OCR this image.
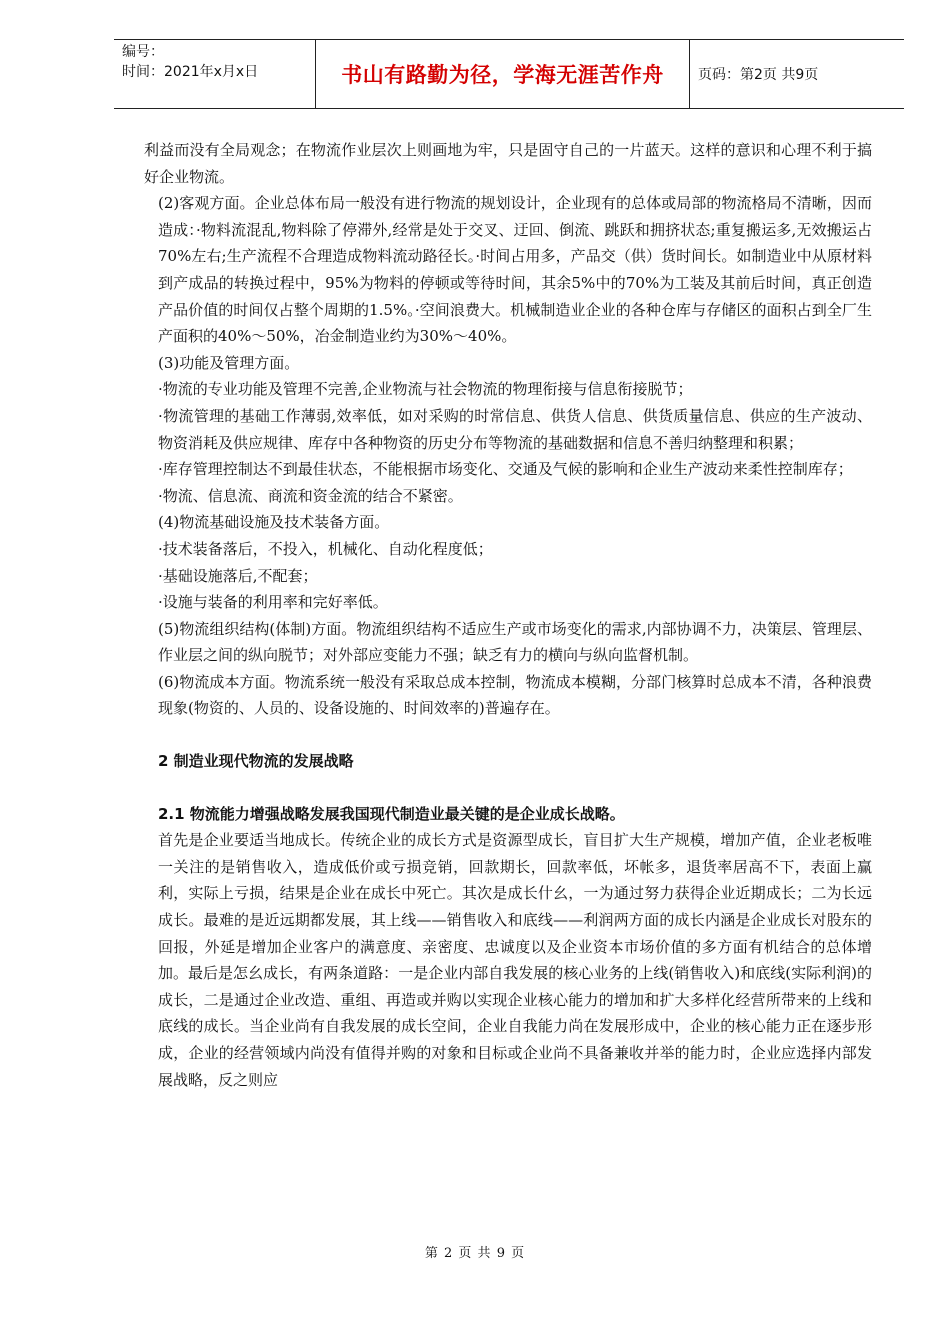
编号：
时间：2021年x月x日	书山有路勤为径，学海无涯苦作舟	页码：第2页 共9页

利益而没有全局观念；在物流作业层次上则画地为牢，只是固守自己的一片蓝天。这样的意识和心理不利于搞好企业物流。

(2)客观方面。企业总体布局一般没有进行物流的规划设计，企业现有的总体或局部的物流格局不清晰，因而造成：·物料流混乱,物料除了停滞外,经常是处于交叉、迂回、倒流、跳跃和拥挤状态;重复搬运多,无效搬运占70%左右;生产流程不合理造成物料流动路径长。·时间占用多，产品交（供）货时间长。如制造业中从原材料到产成品的转换过程中，95%为物料的停顿或等待时间，其余5%中的70%为工装及其前后时间，真正创造产品价值的时间仅占整个周期的1.5%。·空间浪费大。机械制造业企业的各种仓库与存储区的面积占到全厂生产面积的40%～50%，冶金制造业约为30%～40%。

(3)功能及管理方面。

·物流的专业功能及管理不完善,企业物流与社会物流的物理衔接与信息衔接脱节；

·物流管理的基础工作薄弱,效率低，如对采购的时常信息、供货人信息、供货质量信息、供应的生产波动、物资消耗及供应规律、库存中各种物资的历史分布等物流的基础数据和信息不善归纳整理和积累；

·库存管理控制达不到最佳状态，不能根据市场变化、交通及气候的影响和企业生产波动来柔性控制库存；

·物流、信息流、商流和资金流的结合不紧密。

(4)物流基础设施及技术装备方面。

·技术装备落后，不投入，机械化、自动化程度低；

·基础设施落后,不配套；

·设施与装备的利用率和完好率低。

(5)物流组织结构(体制)方面。物流组织结构不适应生产或市场变化的需求,内部协调不力，决策层、管理层、作业层之间的纵向脱节；对外部应变能力不强；缺乏有力的横向与纵向监督机制。

(6)物流成本方面。物流系统一般没有采取总成本控制，物流成本模糊，分部门核算时总成本不清，各种浪费现象(物资的、人员的、设备设施的、时间效率的)普遍存在。

2 制造业现代物流的发展战略

2.1 物流能力增强战略发展我国现代制造业最关键的是企业成长战略。

首先是企业要适当地成长。传统企业的成长方式是资源型成长，盲目扩大生产规模，增加产值，企业老板唯一关注的是销售收入，造成低价或亏损竞销，回款期长，回款率低，坏帐多，退货率居高不下，表面上赢利，实际上亏损，结果是企业在成长中死亡。其次是成长什幺，一为通过努力获得企业近期成长；二为长远成长。最难的是近远期都发展，其上线——销售收入和底线——利润两方面的成长内涵是企业成长对股东的回报，外延是增加企业客户的满意度、亲密度、忠诚度以及企业资本市场价值的多方面有机结合的总体增加。最后是怎幺成长，有两条道路：一是企业内部自我发展的核心业务的上线(销售收入)和底线(实际利润)的成长，二是通过企业改造、重组、再造或并购以实现企业核心能力的增加和扩大多样化经营所带来的上线和底线的成长。当企业尚有自我发展的成长空间，企业自我能力尚在发展形成中，企业的核心能力正在逐步形成，企业的经营领域内尚没有值得并购的对象和目标或企业尚不具备兼收并举的能力时，企业应选择内部发展战略，反之则应

第 2 页 共 9 页
